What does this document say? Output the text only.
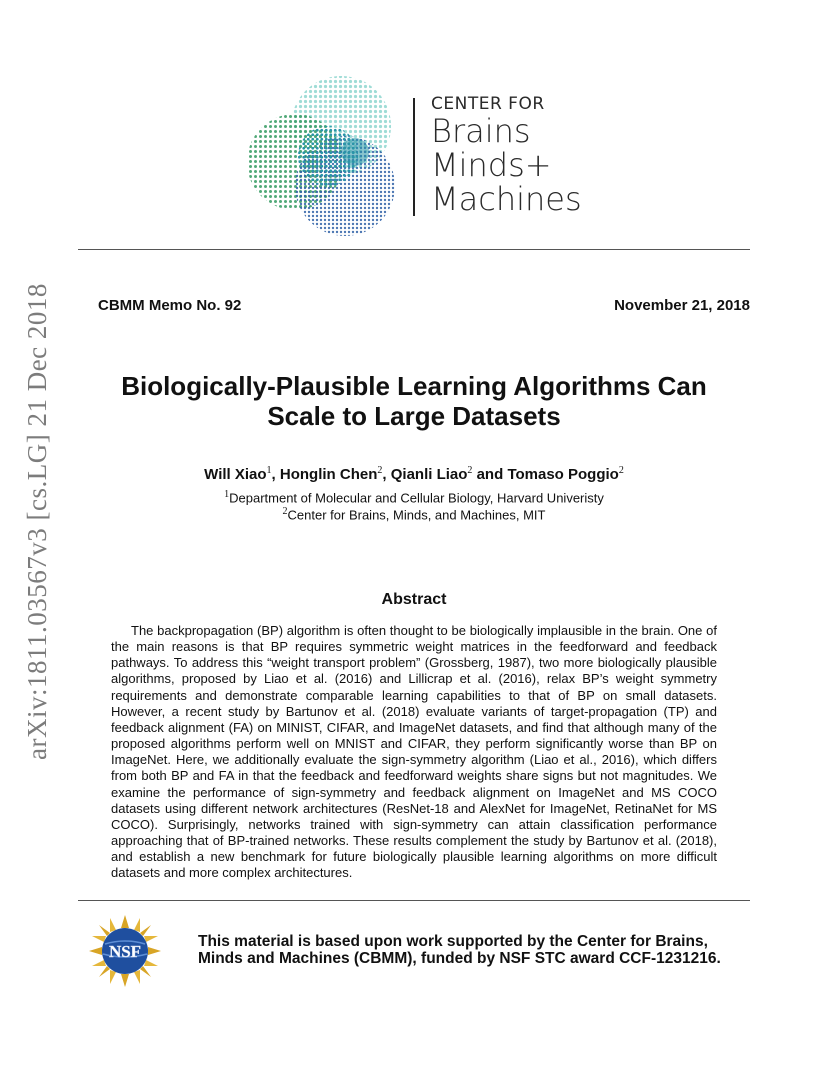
CENTER FOR
Brains
Minds+
Machines
arXiv:1811.03567v3 [cs.LG] 21 Dec 2018	CBMM Memo No. 92	November 21, 2018
Biologically-Plausible Learning Algorithms Can
Scale to Large Datasets
Will Xiao$^1$, Honglin Chen$^2$, Qianli Liao$^2$ and Tomaso Poggio$^2$
$^1$Department of Molecular and Cellular Biology, Harvard Univeristy
$^2$Center for Brains, Minds, and Machines, MIT
Abstract
The backpropagation (BP) algorithm is often thought to be biologically implausible in the brain. One of the main reasons is that BP requires symmetric weight matrices in the feedforward and feedback pathways. To address this “weight transport problem” (Grossberg, 1987), two more biologically plausible algorithms, proposed by Liao et al. (2016) and Lillicrap et al. (2016), relax BP’s weight symmetry requirements and demonstrate comparable learning capabilities to that of BP on small datasets. However, a recent study by Bartunov et al. (2018) evaluate variants of target-propagation (TP) and feedback alignment (FA) on MINIST, CIFAR, and ImageNet datasets, and find that although many of the proposed algorithms perform well on MNIST and CIFAR, they perform significantly worse than BP on ImageNet. Here, we additionally evaluate the sign-symmetry algorithm (Liao et al., 2016), which differs from both BP and FA in that the feedback and feedforward weights share signs but not magnitudes. We examine the performance of sign-symmetry and feedback alignment on ImageNet and MS COCO datasets using different network architectures (ResNet-18 and AlexNet for ImageNet, RetinaNet for MS COCO). Surprisingly, networks trained with sign-symmetry can attain classification performance approaching that of BP-trained networks. These results complement the study by Bartunov et al. (2018), and establish a new benchmark for future biologically plausible learning algorithms on more difficult datasets and more complex architectures.
NSF
This material is based upon work supported by the Center for Brains,
Minds and Machines (CBMM), funded by NSF STC award CCF-1231216.
